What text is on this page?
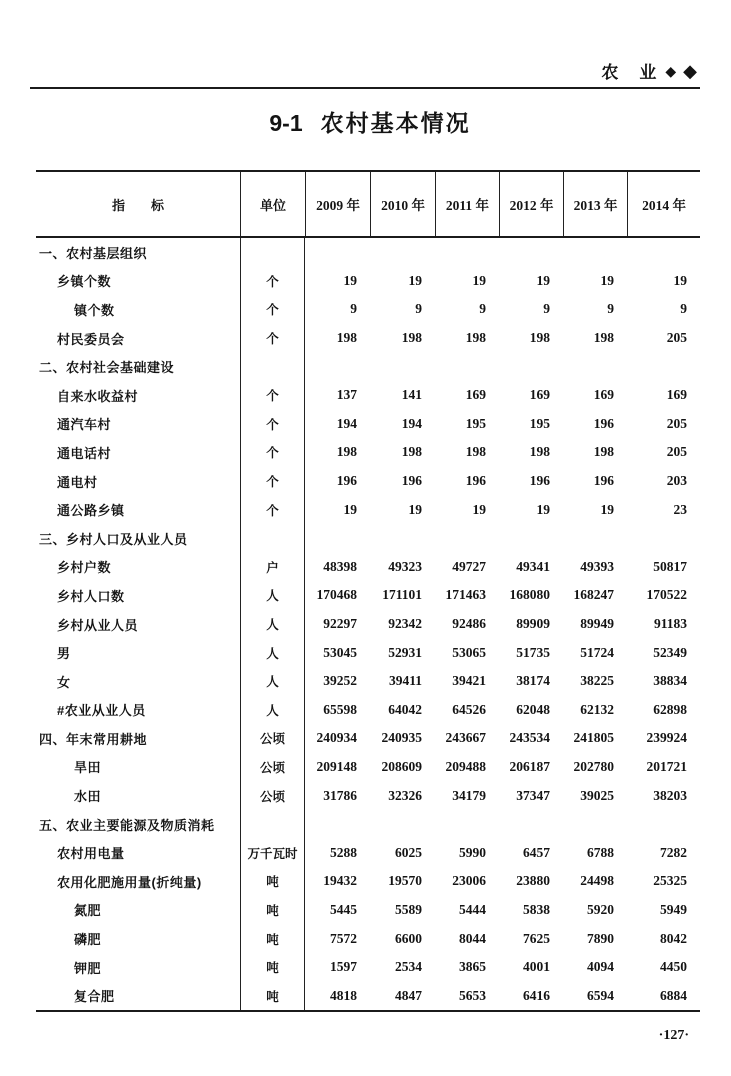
农　业 ◆ ◆
9-1 农村基本情况
指　　标	单位	2009 年	2010 年	2011 年	2012 年	2013 年	2014 年
一、农村基层组织
乡镇个数	个	19	19	19	19	19	19
镇个数	个	9	9	9	9	9	9
村民委员会	个	198	198	198	198	198	205
二、农村社会基础建设
自来水收益村	个	137	141	169	169	169	169
通汽车村	个	194	194	195	195	196	205
通电话村	个	198	198	198	198	198	205
通电村	个	196	196	196	196	196	203
通公路乡镇	个	19	19	19	19	19	23
三、乡村人口及从业人员
乡村户数	户	48398	49323	49727	49341	49393	50817
乡村人口数	人	170468	171101	171463	168080	168247	170522
乡村从业人员	人	92297	92342	92486	89909	89949	91183
男	人	53045	52931	53065	51735	51724	52349
女	人	39252	39411	39421	38174	38225	38834
#农业从业人员	人	65598	64042	64526	62048	62132	62898
四、年末常用耕地	公顷	240934	240935	243667	243534	241805	239924
旱田	公顷	209148	208609	209488	206187	202780	201721
水田	公顷	31786	32326	34179	37347	39025	38203
五、农业主要能源及物质消耗
农村用电量	万千瓦时	5288	6025	5990	6457	6788	7282
农用化肥施用量(折纯量)	吨	19432	19570	23006	23880	24498	25325
氮肥	吨	5445	5589	5444	5838	5920	5949
磷肥	吨	7572	6600	8044	7625	7890	8042
钾肥	吨	1597	2534	3865	4001	4094	4450
复合肥	吨	4818	4847	5653	6416	6594	6884
·127·
